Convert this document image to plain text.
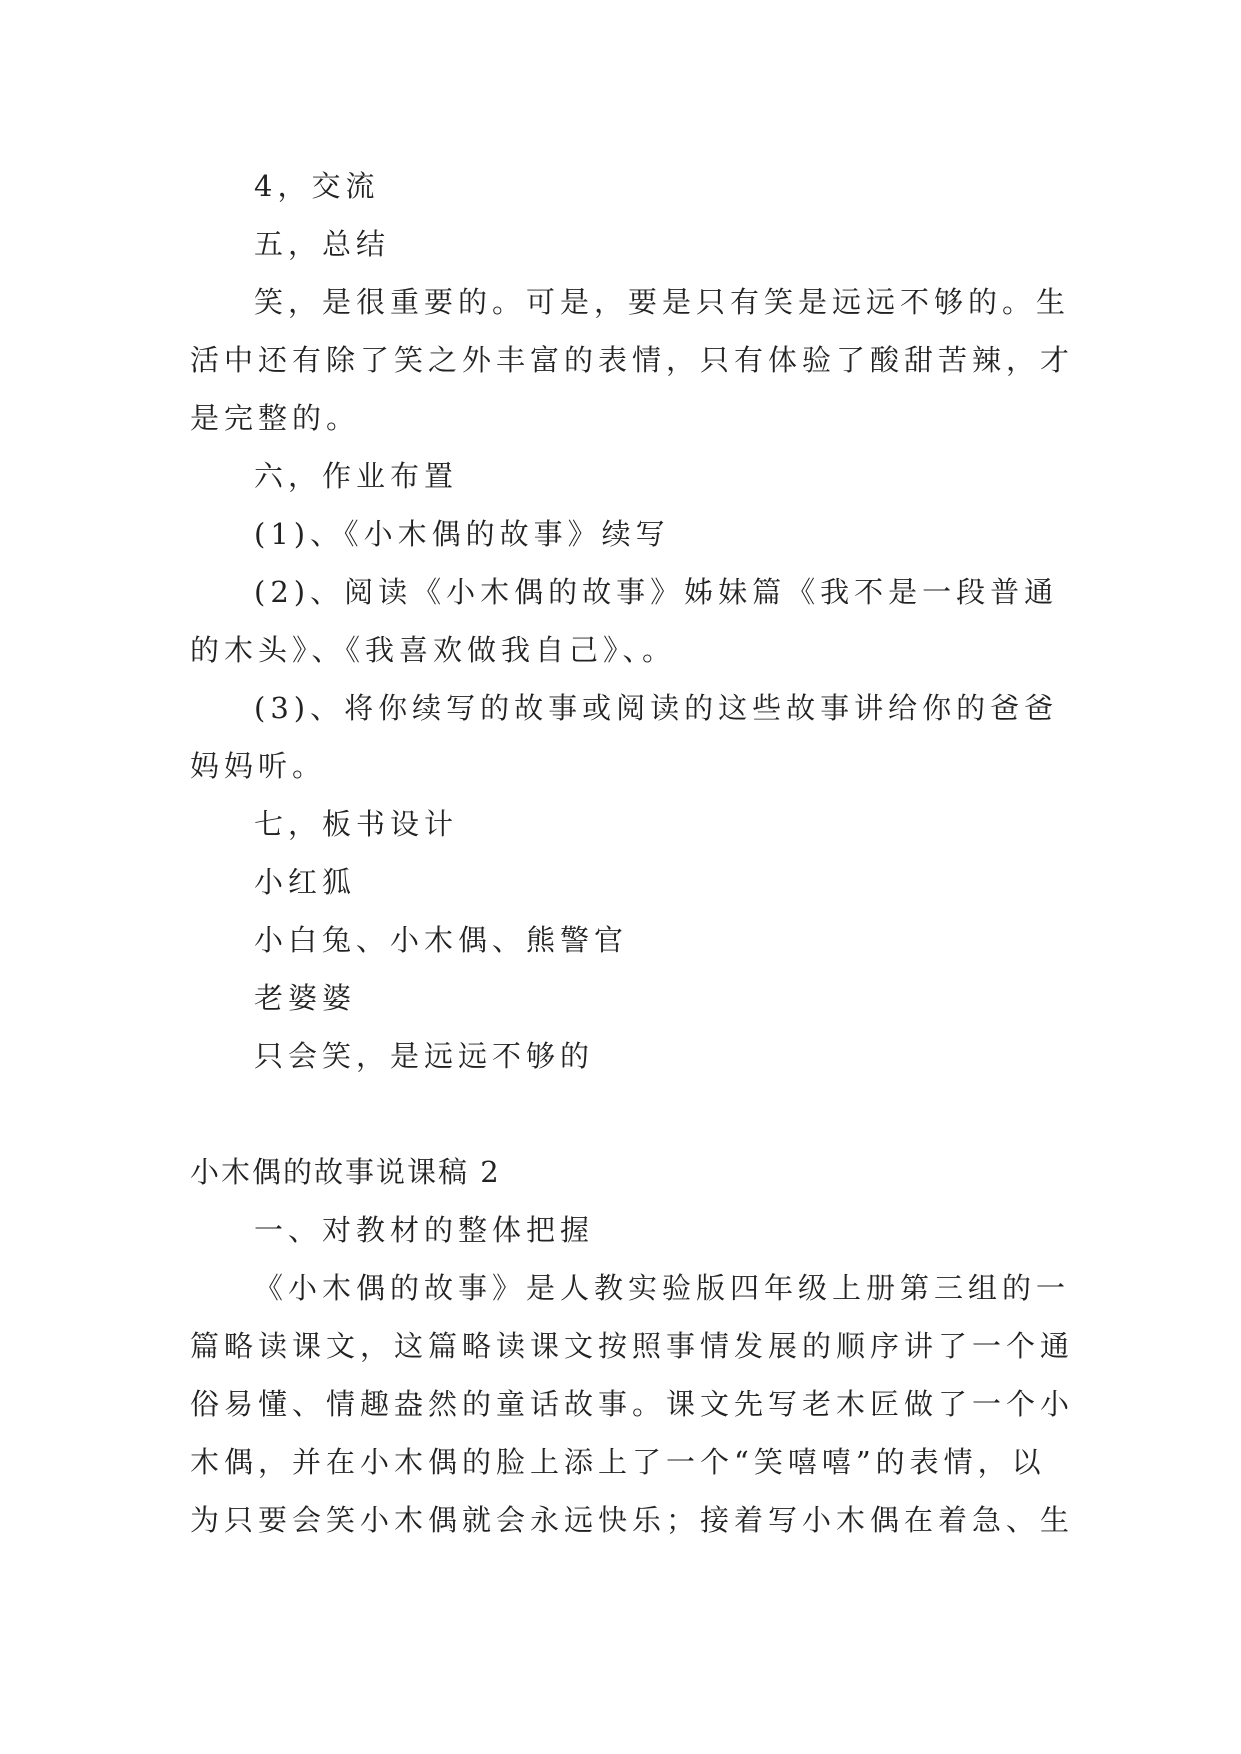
4，交流
五，总结
笑，是很重要的。可是，要是只有笑是远远不够的。生
活中还有除了笑之外丰富的表情，只有体验了酸甜苦辣，才
是完整的。
六，作业布置
(1)、《小木偶的故事》续写
(2)、阅读《小木偶的故事》姊妹篇《我不是一段普通
的木头》、《我喜欢做我自己》、。
(3)、将你续写的故事或阅读的这些故事讲给你的爸爸
妈妈听。
七，板书设计
小红狐
小白兔、小木偶、熊警官
老婆婆
只会笑，是远远不够的
小木偶的故事说课稿 2
一、对教材的整体把握
《小木偶的故事》是人教实验版四年级上册第三组的一
篇略读课文，这篇略读课文按照事情发展的顺序讲了一个通
俗易懂、情趣盎然的童话故事。课文先写老木匠做了一个小
木偶，并在小木偶的脸上添上了一个“笑嘻嘻”的表情，以
为只要会笑小木偶就会永远快乐；接着写小木偶在着急、生
